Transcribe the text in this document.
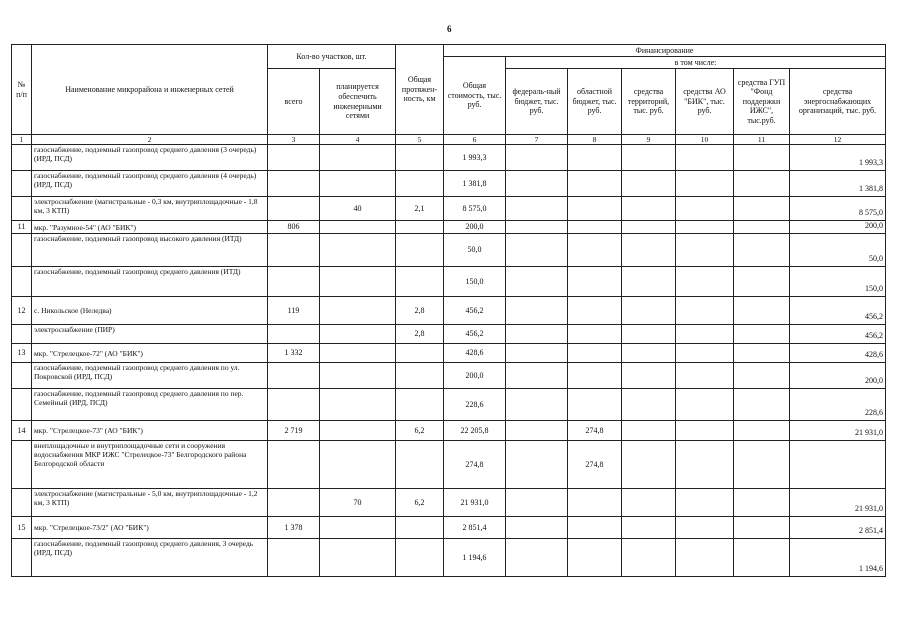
6
№ п/п	Наименование микрорайона и инженерных сетей	Кол-во участков, шт.		Общая протяжен-ность, км	Финансирование						
					Общая стоимость, тыс. руб.	в том числе:					
		всего	планируется обеспечить инженерными сетями			федераль-ный бюджет, тыс. руб.	областной бюджет, тыс. руб.	средства территорий, тыс. руб.	средства АО "БИК", тыс. руб.	средства ГУП "Фонд поддержки ИЖС", тыс.руб.	средства энергоснабжающих организаций, тыс. руб.
1	2	3	4	5	6	7	8	9	10	11	12
	газоснабжение, подземный газопровод среднего давления (3 очередь) (ИРД, ПСД)				1 993,3						1 993,3
	газоснабжение, подземный газопровод среднего давления (4 очередь) (ИРД, ПСД)				1 381,8						1 381,8
	электроснабжение (магистральные - 0,3 км, внутриплощадочные - 1,8 км, 3 КТП)		40	2,1	8 575,0						8 575,0
11	мкр. "Разумное-54" (АО "БИК")	806			200,0						200,0
	газоснабжение, подземный газопровод высокого давления (ИТД)				50,0						50,0
	газоснабжение, подземный газопровод среднего давления (ИТД)				150,0						150,0
12	с. Никольское (Неледва)	119		2,8	456,2						456,2
	электроснабжение (ПИР)			2,8	456,2						456,2
13	мкр. "Стрелецкое-72" (АО "БИК")	1 332			428,6						428,6
	газоснабжение, подземный газопровод среднего давления по ул. Покровской (ИРД, ПСД)				200,0						200,0
	газоснабжение, подземный газопровод среднего давления по пер. Семейный (ИРД, ПСД)				228,6						228,6
14	мкр. "Стрелецкое-73" (АО "БИК")	2 719		6,2	22 205,8		274,8				21 931,0
	внеплощадочные и внутриплощадочные сети и сооружения водоснабжения МКР ИЖС "Стрелецкое-73" Белгородского района Белгородской области				274,8		274,8				
	электроснабжение (магистральные - 5,0 км, внутриплощадочные - 1,2 км, 3 КТП)		70	6,2	21 931,0						21 931,0
15	мкр. "Стрелецкое-73/2" (АО "БИК")	1 378			2 851,4						2 851,4
	газоснабжение, подземный газопровод среднего давления, 3 очередь (ИРД, ПСД)				1 194,6						1 194,6
